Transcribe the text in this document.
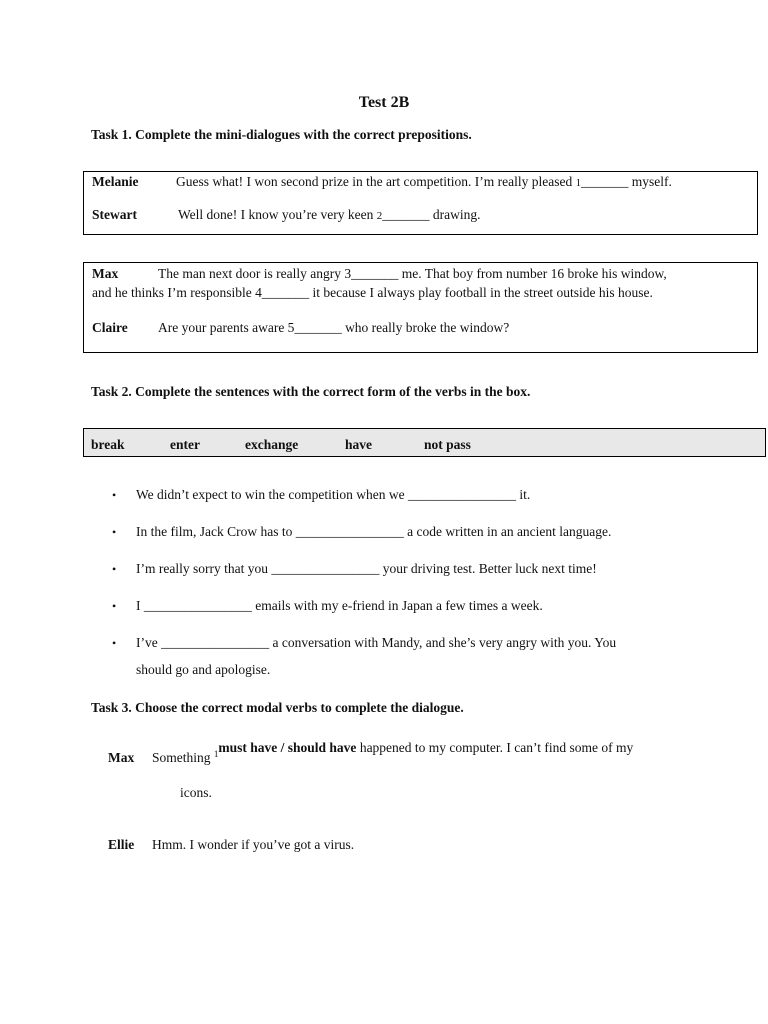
Test 2B
Task 1. Complete the mini-dialogues with the correct prepositions.
Melanie	Guess what! I won second prize in the art competition. I’m really pleased 1_______ myself.
Stewart	Well done! I know you’re very keen 2_______ drawing.
Max	The man next door is really angry 3_______ me. That boy from number 16 broke his window,
and he thinks I’m responsible 4_______ it because I always play football in the street outside his house.
Claire Are your parents aware 5_______ who really broke the window?
Task 2. Complete the sentences with the correct form of the verbs in the box.
break	enter	exchange	have	not pass
• We didn’t expect to win the competition when we ________________ it.
• In the film, Jack Crow has to ________________ a code written in an ancient language.
• I’m really sorry that you ________________ your driving test. Better luck next time!
• I ________________ emails with my e-friend in Japan a few times a week.
• I’ve ________________ a conversation with Mandy, and she’s very angry with you. You
should go and apologise.
Task 3. Choose the correct modal verbs to complete the dialogue.
Max Something $^1$must have / should have happened to my computer. I can’t find some of my
icons.
Ellie Hmm. I wonder if you’ve got a virus.
